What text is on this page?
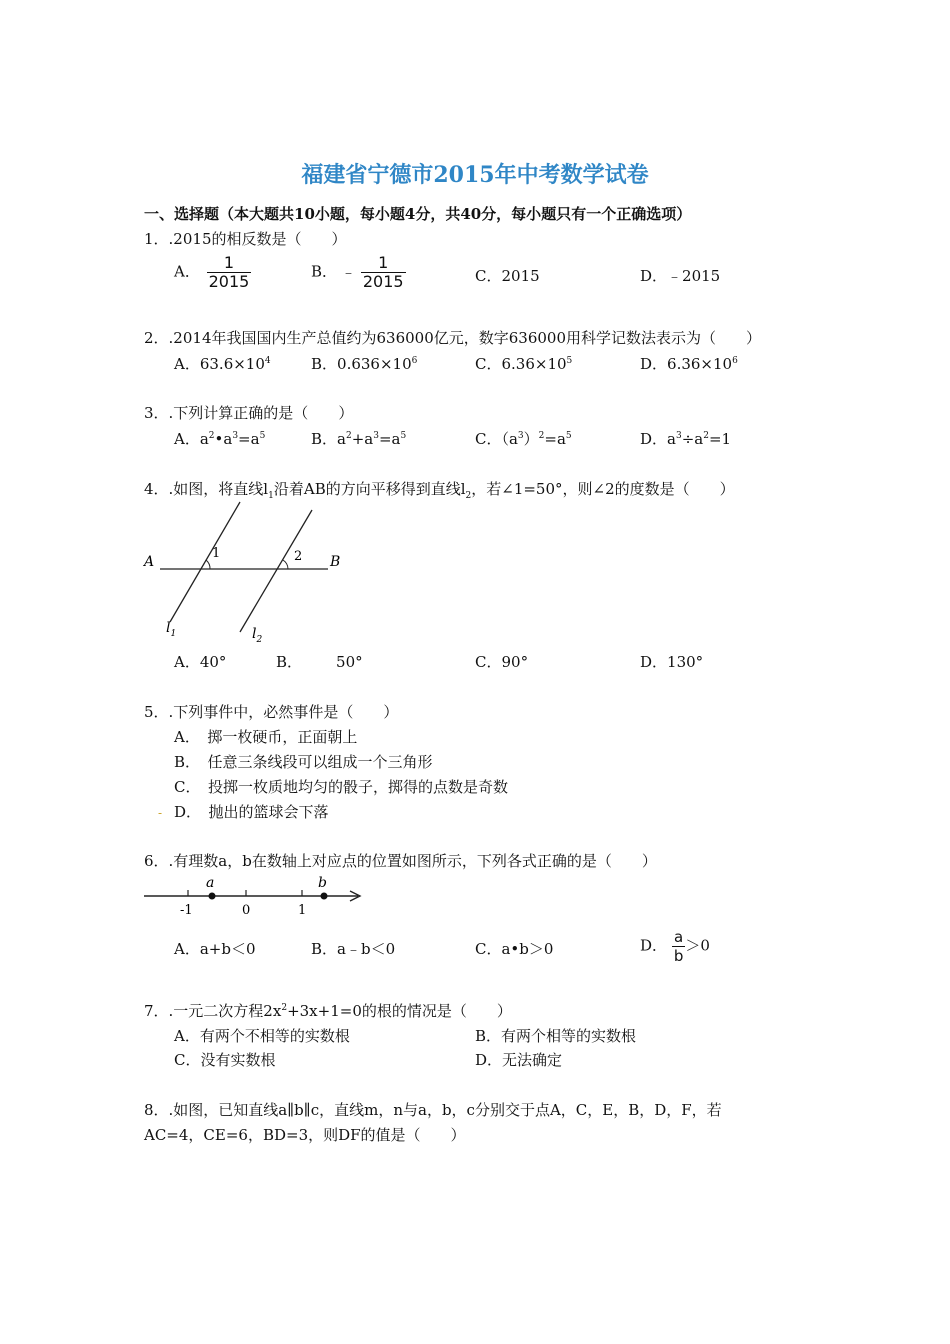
福建省宁德市2015年中考数学试卷
一、选择题（本大题共10小题，每小题4分，共40分，每小题只有一个正确选项）
1．.2015的相反数是（　　）
A． $\frac{1}{2015}$	B． ﹣ $\frac{1}{2015}$	C．2015	D．﹣2015
2．.2014年我国国内生产总值约为636000亿元，数字636000用科学记数法表示为（　　）
A．$63.6\times 10^4$	B．$0.636\times 10^6$	C．$6.36\times 10^5$	D．$6.36\times 10^6$
3．.下列计算正确的是（　　）
A．$a^2•a^3=a^5$	B．$a^2+a^3=a^5$	C．$(a^3)^2=a^5$	D．$a^3\div a^2=1$
4．.如图，将直线$l_1$沿着AB的方向平移得到直线$l_2$，若∠1=50°，则∠2的度数是（　　）
A	B
1	2
$l_1$	$l_2$
A．40°	B． 50°	C．90°	D．130°
5．.下列事件中，必然事件是（　　）
A．　掷一枚硬币，正面朝上
B．　任意三条线段可以组成一个三角形
C．　投掷一枚质地均匀的骰子，掷得的点数是奇数
- D．　抛出的篮球会下落
6．.有理数a，b在数轴上对应点的位置如图所示，下列各式正确的是（　　）
a	b
-1	0	1
A．a+b＜0	B．a﹣b＜0	C．a•b＞0	D． $\frac{a}{b} >0$
7．.一元二次方程$2x^2+3x+1=0$的根的情况是（　　）
A．有两个不相等的实数根	B．有两个相等的实数根
C．没有实数根	D．无法确定
8．.如图，已知直线a∥b∥c，直线m，n与a，b，c分别交于点A，C，E，B，D，F，若
AC=4，CE=6，BD=3，则DF的值是（　　）
